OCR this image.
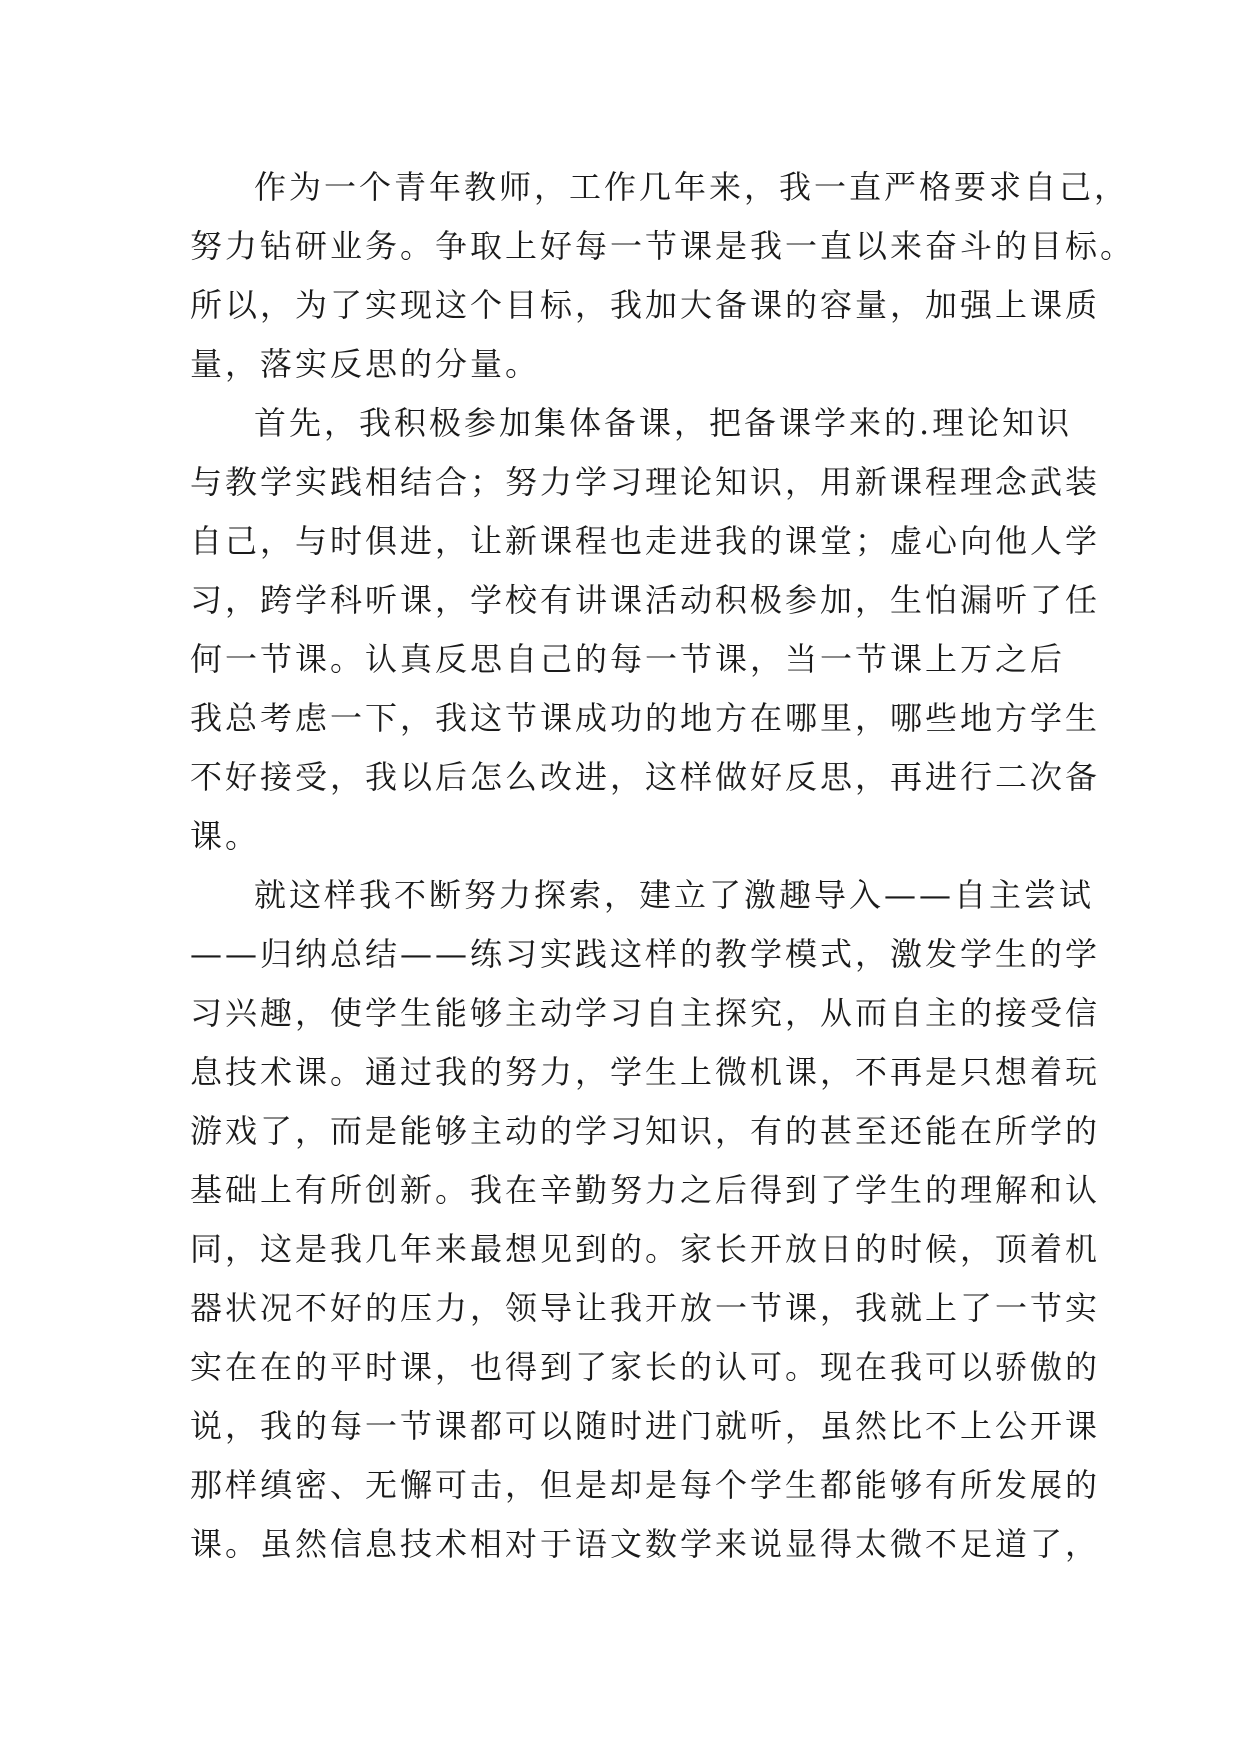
作为一个青年教师，工作几年来，我一直严格要求自己，
努力钻研业务。争取上好每一节课是我一直以来奋斗的目标。
所以，为了实现这个目标，我加大备课的容量，加强上课质
量，落实反思的分量。
首先，我积极参加集体备课，把备课学来的.理论知识
与教学实践相结合；努力学习理论知识，用新课程理念武装
自己，与时俱进，让新课程也走进我的课堂；虚心向他人学
习，跨学科听课，学校有讲课活动积极参加，生怕漏听了任
何一节课。认真反思自己的每一节课，当一节课上万之后
我总考虑一下，我这节课成功的地方在哪里，哪些地方学生
不好接受，我以后怎么改进，这样做好反思，再进行二次备
课。
就这样我不断努力探索，建立了激趣导入——自主尝试
——归纳总结——练习实践这样的教学模式，激发学生的学
习兴趣，使学生能够主动学习自主探究，从而自主的接受信
息技术课。通过我的努力，学生上微机课，不再是只想着玩
游戏了，而是能够主动的学习知识，有的甚至还能在所学的
基础上有所创新。我在辛勤努力之后得到了学生的理解和认
同，这是我几年来最想见到的。家长开放日的时候，顶着机
器状况不好的压力，领导让我开放一节课，我就上了一节实
实在在的平时课，也得到了家长的认可。现在我可以骄傲的
说，我的每一节课都可以随时进门就听，虽然比不上公开课
那样缜密、无懈可击，但是却是每个学生都能够有所发展的
课。虽然信息技术相对于语文数学来说显得太微不足道了，
